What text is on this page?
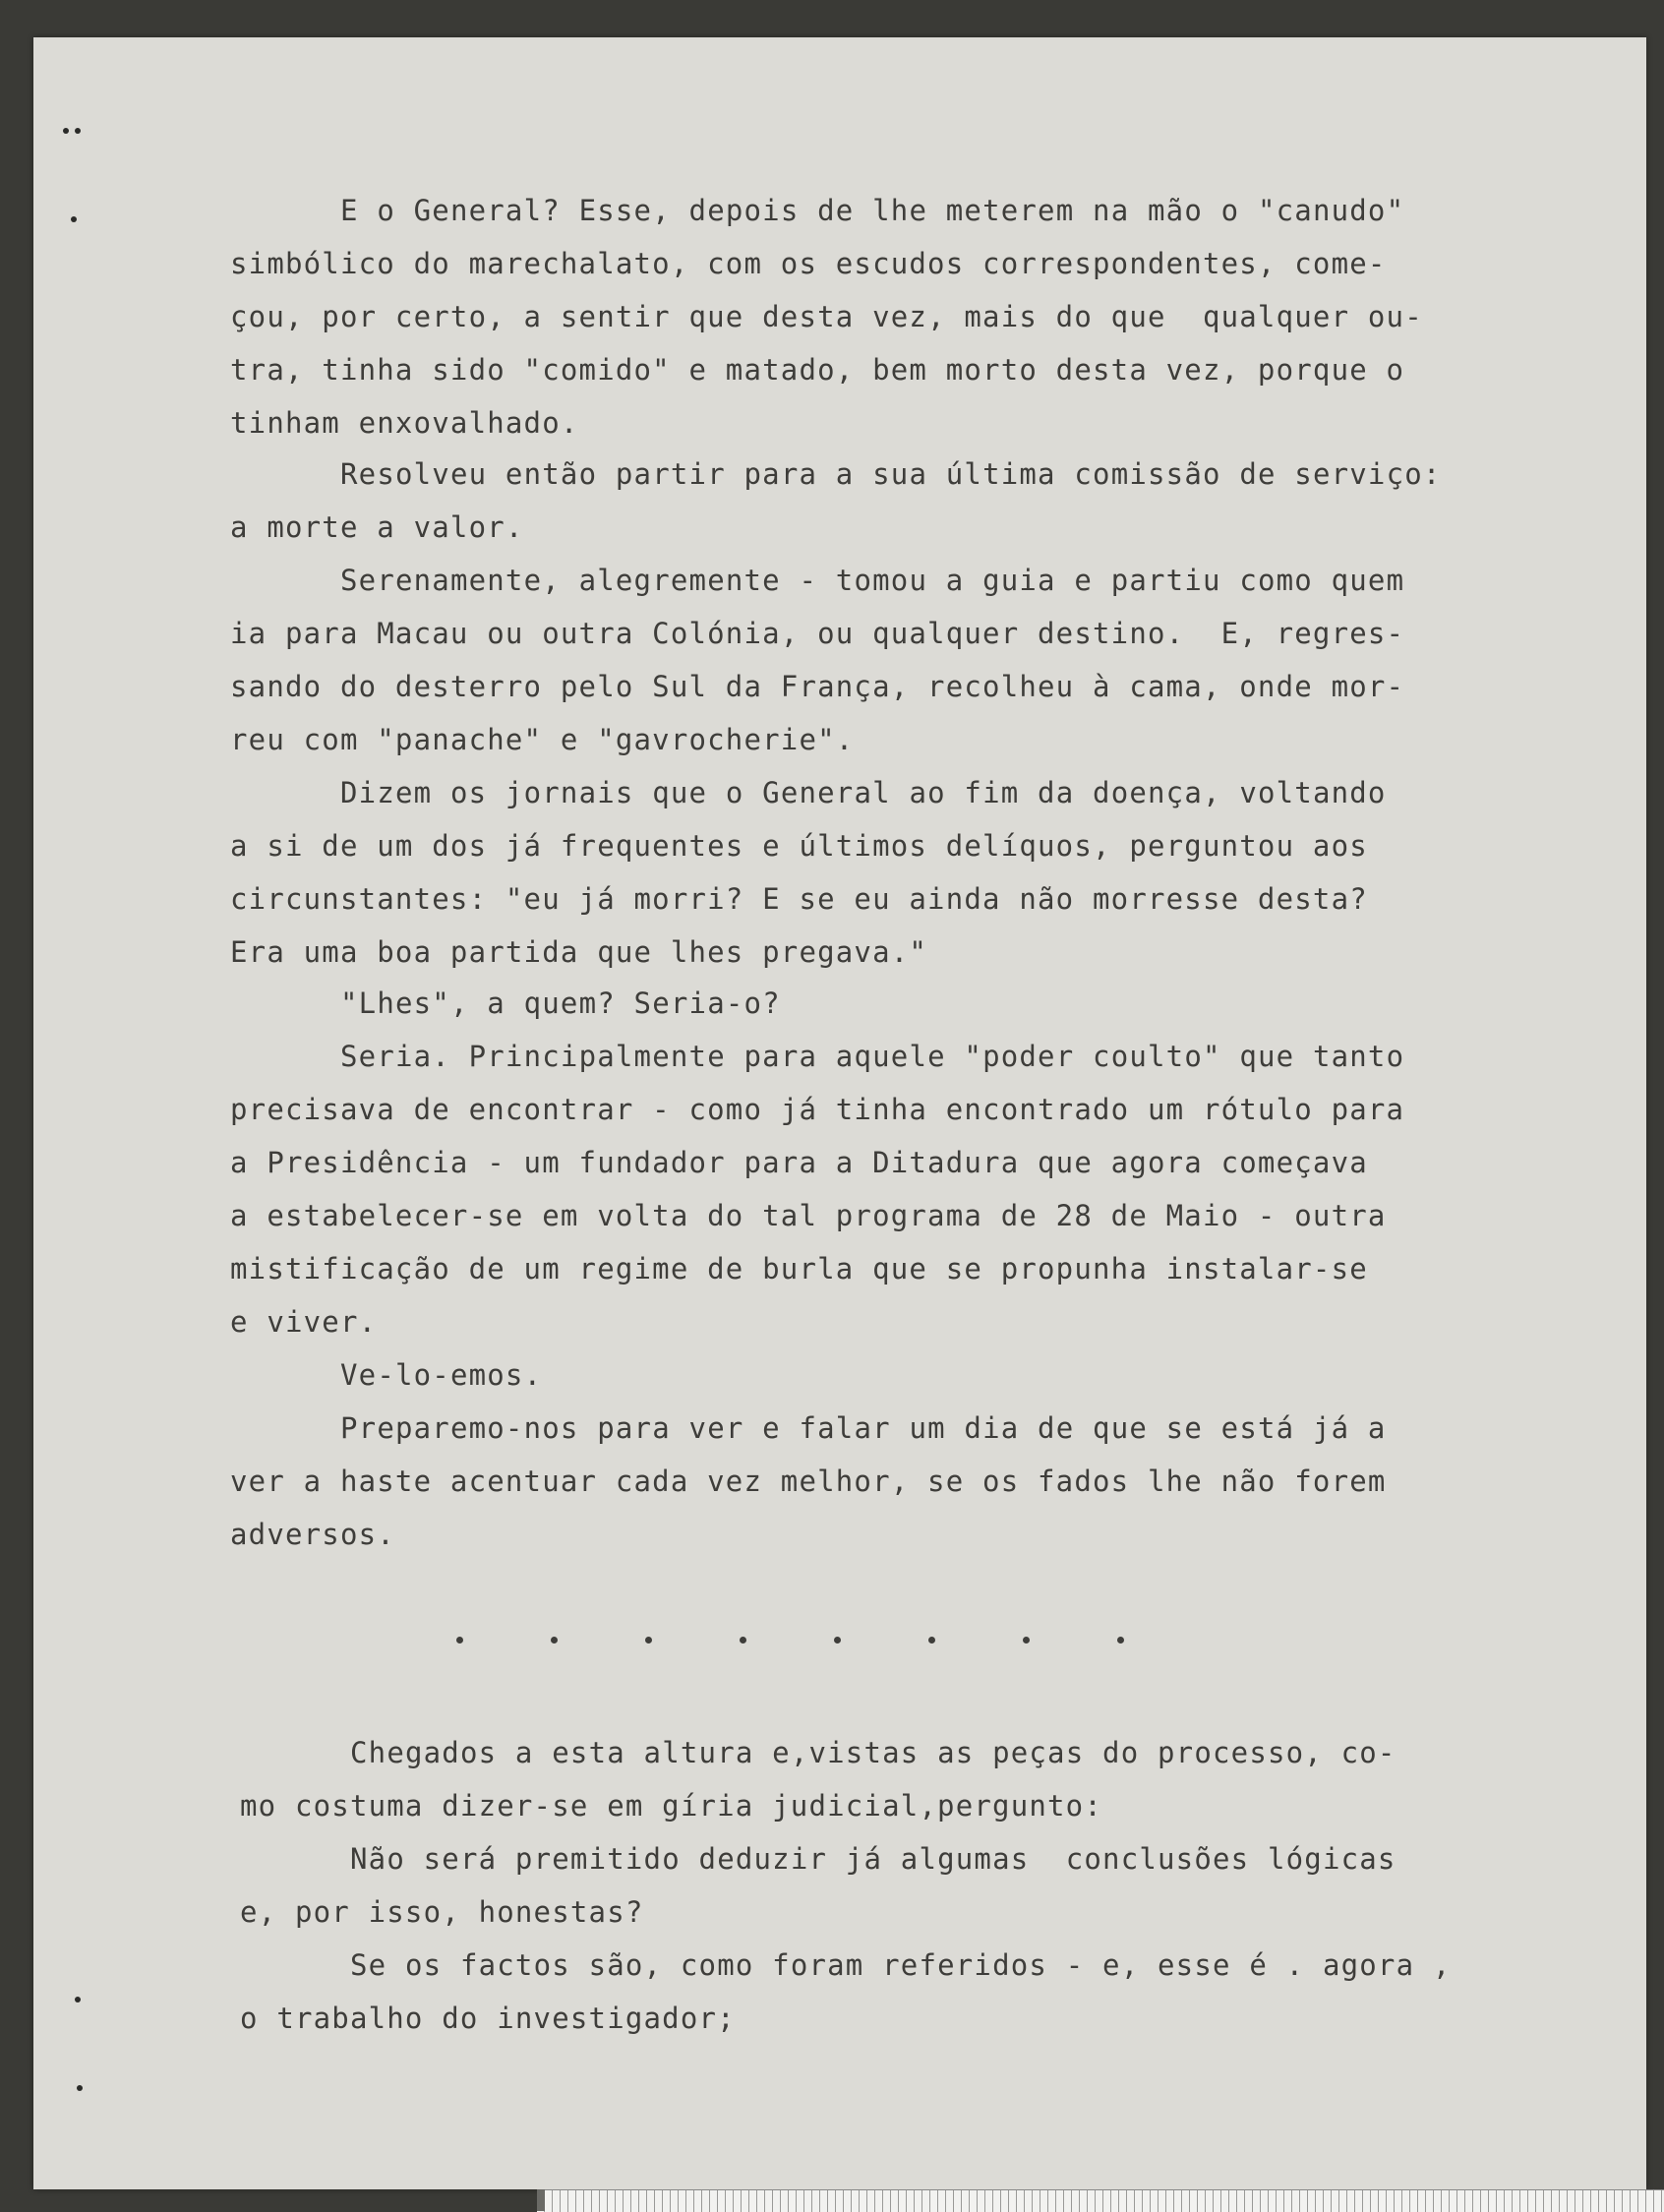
E o General? Esse, depois de lhe meterem na mão o "canudo"
simbólico do marechalato, com os escudos correspondentes, come-
çou, por certo, a sentir que desta vez, mais do que  qualquer ou-
tra, tinha sido "comido" e matado, bem morto desta vez, porque o
tinham enxovalhado.
Resolveu então partir para a sua última comissão de serviço:
a morte a valor.
Serenamente, alegremente - tomou a guia e partiu como quem
ia para Macau ou outra Colónia, ou qualquer destino.  E, regres-
sando do desterro pelo Sul da França, recolheu à cama, onde mor-
reu com "panache" e "gavrocherie".
Dizem os jornais que o General ao fim da doença, voltando
a si de um dos já frequentes e últimos delíquos, perguntou aos
circunstantes: "eu já morri? E se eu ainda não morresse desta?
Era uma boa partida que lhes pregava."
"Lhes", a quem? Seria-o?
Seria. Principalmente para aquele "poder coulto" que tanto
precisava de encontrar - como já tinha encontrado um rótulo para
a Presidência - um fundador para a Ditadura que agora começava
a estabelecer-se em volta do tal programa de 28 de Maio - outra
mistificação de um regime de burla que se propunha instalar-se
e viver.
Ve-lo-emos.
Preparemo-nos para ver e falar um dia de que se está já a
ver a haste acentuar cada vez melhor, se os fados lhe não forem
adversos.
Chegados a esta altura e,vistas as peças do processo, co-
mo costuma dizer-se em gíria judicial,pergunto:
Não será premitido deduzir já algumas  conclusões lógicas
e, por isso, honestas?
Se os factos são, como foram referidos - e, esse é . agora ,
o trabalho do investigador;
